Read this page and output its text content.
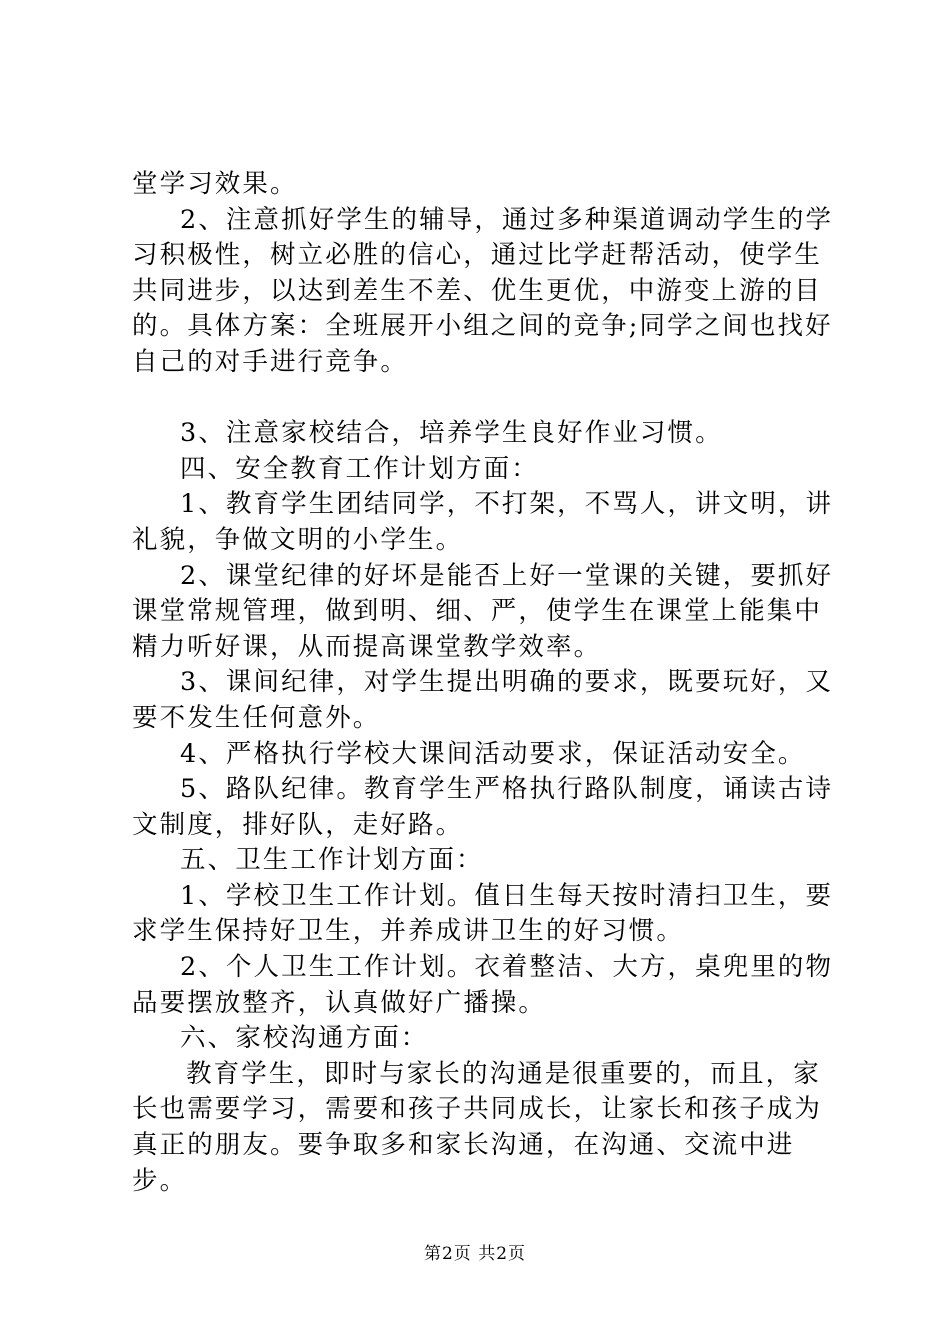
堂学习效果。

2、注意抓好学生的辅导，通过多种渠道调动学生的学习积极性，树立必胜的信心，通过比学赶帮活动，使学生共同进步，以达到差生不差、优生更优，中游变上游的目的。具体方案：全班展开小组之间的竞争;同学之间也找好自己的对手进行竞争。

3、注意家校结合，培养学生良好作业习惯。

四、安全教育工作计划方面：

1、教育学生团结同学，不打架，不骂人，讲文明，讲礼貌，争做文明的小学生。

2、课堂纪律的好坏是能否上好一堂课的关键，要抓好课堂常规管理，做到明、细、严，使学生在课堂上能集中精力听好课，从而提高课堂教学效率。

3、课间纪律，对学生提出明确的要求，既要玩好，又要不发生任何意外。

4、严格执行学校大课间活动要求，保证活动安全。

5、路队纪律。教育学生严格执行路队制度，诵读古诗文制度，排好队，走好路。

五、卫生工作计划方面：

1、学校卫生工作计划。值日生每天按时清扫卫生，要求学生保持好卫生，并养成讲卫生的好习惯。

2、个人卫生工作计划。衣着整洁、大方，桌兜里的物品要摆放整齐，认真做好广播操。

六、家校沟通方面：

教育学生，即时与家长的沟通是很重要的，而且，家长也需要学习，需要和孩子共同成长，让家长和孩子成为真正的朋友。要争取多和家长沟通，在沟通、交流中进步。

第2页 共2页
